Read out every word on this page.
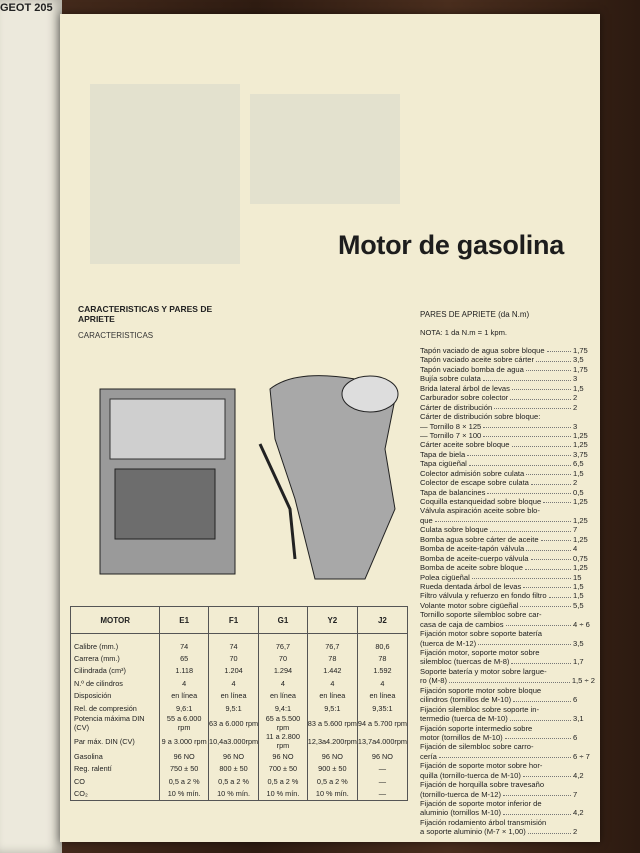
GEOT 205
Motor de gasolina
CARACTERISTICAS Y PARES DE APRIETE
CARACTERISTICAS
MOTOR	E1	F1	G1	Y2	J2
Calibre (mm.)	74	74	76,7	76,7	80,6
Carrera (mm.)	65	70	70	78	78
Cilindrada (cm³)	1.118	1.204	1.294	1.442	1.592
N.º de cilindros	4	4	4	4	4
Disposición	en línea	en línea	en línea	en línea	en línea
Rel. de compresión	9,6:1	9,5:1	9,4:1	9,5:1	9,35:1
Potencia máxima DIN (CV)	55 a 6.000 rpm	63 a 6.000 rpm	65 a 5.500 rpm	83 a 5.600 rpm	94 a 5.700 rpm
Par máx. DIN (CV)	9 a 3.000 rpm	10,4a3.000rpm	11 a 2.800 rpm	12,3a4.200rpm	13,7a4.000rpm
Gasolina	96 NO	96 NO	96 NO	96 NO	96 NO
Reg. ralentí	750 ± 50	800 ± 50	700 ± 50	900 ± 50	—
CO	0,5 a 2 %	0,5 a 2 %	0,5 a 2 %	0,5 a 2 %	—
CO₂	10 % mín.	10 % mín.	10 % mín.	10 % mín.	—
PARES DE APRIETE (da N.m)
NOTA: 1 da N.m = 1 kpm.
Tapón vaciado de agua sobre bloque	1,75
Tapón vaciado aceite sobre cárter	3,5
Tapón vaciado bomba de agua	1,75
Bujía sobre culata	3
Brida lateral árbol de levas	1,5
Carburador sobre colector	2
Cárter de distribución	2
Cárter de distribución sobre bloque:
— Tornillo 8 × 125	3
— Tornillo 7 × 100	1,25
Cárter aceite sobre bloque	1,25
Tapa de biela	3,75
Tapa cigüeñal	6,5
Colector admisión sobre culata	1,5
Colector de escape sobre culata	2
Tapa de balancines	0,5
Coquilla estanqueidad sobre bloque	1,25
Válvula aspiración aceite sobre blo-
que	1,25
Culata sobre bloque	7
Bomba agua sobre cárter de aceite	1,25
Bomba de aceite-tapón válvula	4
Bomba de aceite-cuerpo válvula	0,75
Bomba de aceite sobre bloque	1,25
Polea cigüeñal	15
Rueda dentada árbol de levas	1,5
Filtro válvula y refuerzo en fondo filtro	1,5
Volante motor sobre cigüeñal	5,5
Tornillo soporte silembloc sobre car-
casa de caja de cambios	4 ÷ 6
Fijación motor sobre soporte batería
(tuerca de M-12)	3,5
Fijación motor, soporte motor sobre
silembloc (tuercas de M-8)	1,7
Soporte batería y motor sobre largue-
ro (M-8)	1,5 ÷ 2
Fijación soporte motor sobre bloque
cilindros (tornillos de M-10)	6
Fijación silembloc sobre soporte in-
termedio (tuerca de M-10)	3,1
Fijación soporte intermedio sobre
motor (tornillos de M-10)	6
Fijación de silembloc sobre carro-
cería	6 ÷ 7
Fijación de soporte motor sobre hor-
quilla (tornillo-tuerca de M-10)	4,2
Fijación de horquilla sobre travesaño
(tornillo-tuerca de M-12)	7
Fijación de soporte motor inferior de
aluminio (tornillos M-10)	4,2
Fijación rodamiento árbol transmisión
a soporte aluminio (M-7 × 1,00)	2
